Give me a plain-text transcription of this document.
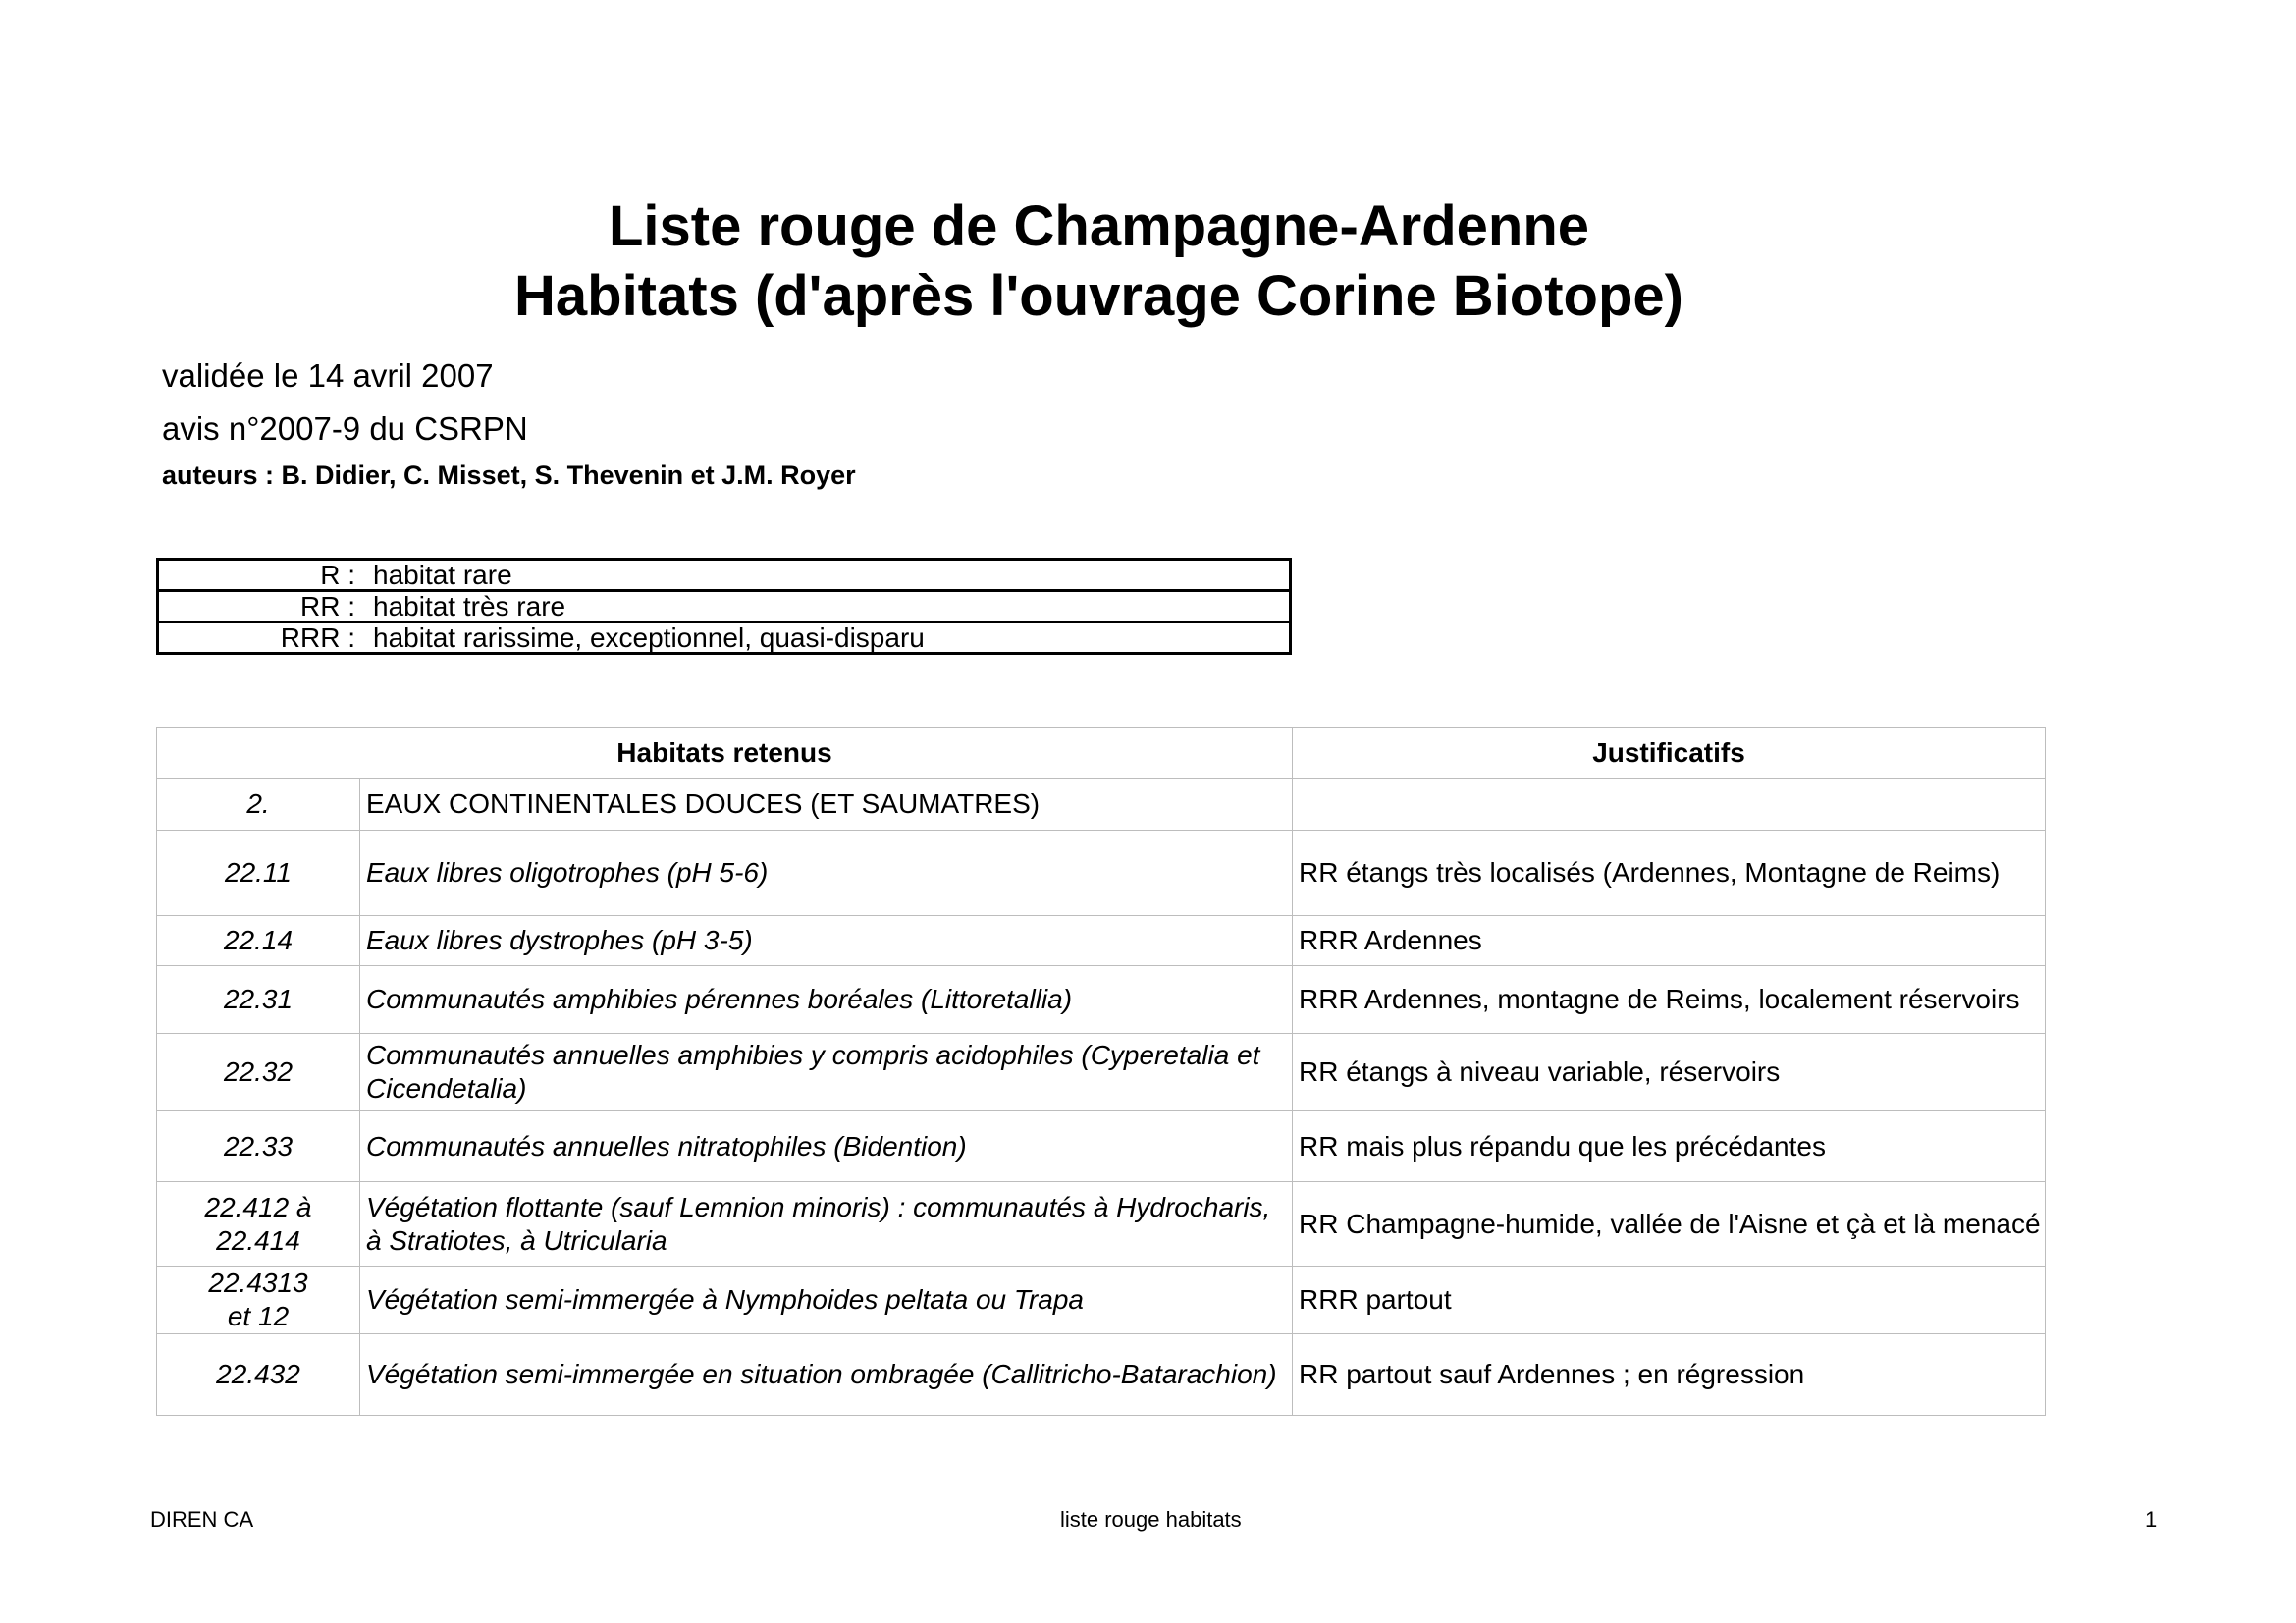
Liste rouge de Champagne-Ardenne
Habitats (d'après l'ouvrage Corine Biotope)
validée le 14 avril 2007
avis n°2007-9 du CSRPN
auteurs : B. Didier, C. Misset, S. Thevenin et J.M. Royer
R :	habitat rare
RR :	habitat très rare
RRR :	habitat rarissime, exceptionnel, quasi-disparu
Habitats retenus		Justificatifs
2.	EAUX CONTINENTALES DOUCES (ET SAUMATRES)	
22.11	Eaux libres oligotrophes (pH 5-6)	RR étangs très localisés (Ardennes, Montagne de Reims)
22.14	Eaux libres dystrophes (pH 3-5)	RRR Ardennes
22.31	Communautés amphibies pérennes boréales (Littoretallia)	RRR Ardennes, montagne de Reims, localement réservoirs
22.32	Communautés annuelles amphibies y compris acidophiles (Cyperetalia et Cicendetalia)	RR étangs à niveau variable, réservoirs
22.33	Communautés annuelles nitratophiles (Bidention)	RR mais plus répandu que les précédantes
22.412 à 22.414	Végétation flottante (sauf Lemnion minoris) : communautés à Hydrocharis, à Stratiotes, à Utricularia	RR Champagne-humide, vallée de l'Aisne et çà et là menacé
22.4313 et 12	Végétation semi-immergée à Nymphoides peltata ou Trapa	RRR partout
22.432	Végétation semi-immergée en situation ombragée (Callitricho-Batarachion)	RR partout sauf Ardennes ; en régression
DIREN CA	liste rouge habitats	1
